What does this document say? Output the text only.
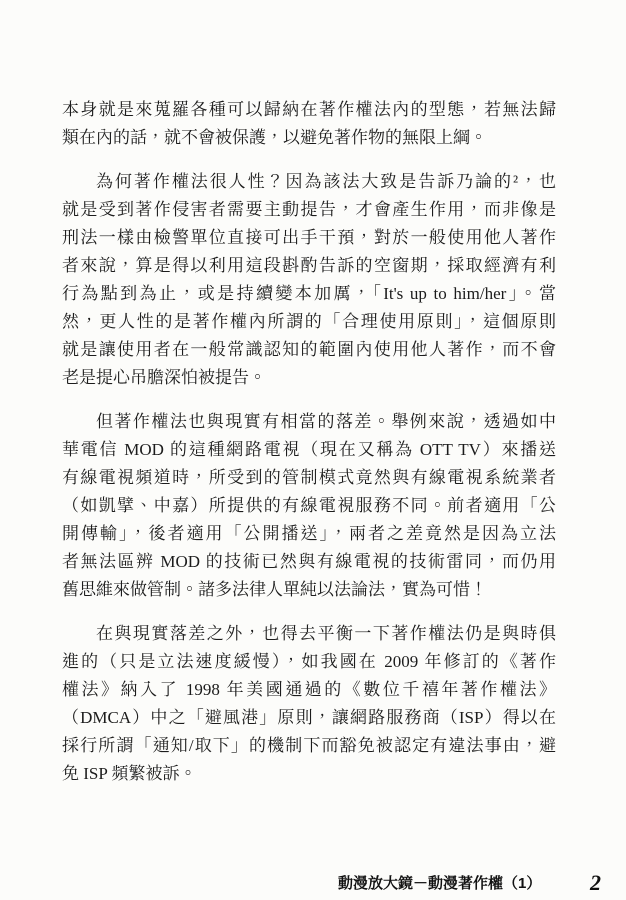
本身就是來蒐羅各種可以歸納在著作權法內的型態，若無法歸
類在內的話，就不會被保護，以避免著作物的無限上綱。
為何著作權法很人性？因為該法大致是告訴乃論的²，也
就是受到著作侵害者需要主動提告，才會產生作用，而非像是
刑法一樣由檢警單位直接可出手干預，對於一般使用他人著作
者來說，算是得以利用這段斟酌告訴的空窗期，採取經濟有利
行為點到為止，或是持續變本加厲，「It's up to him/her」。當
然，更人性的是著作權內所謂的「合理使用原則」，這個原則
就是讓使用者在一般常識認知的範圍內使用他人著作，而不會
老是提心吊膽深怕被提告。
但著作權法也與現實有相當的落差。舉例來說，透過如中
華電信 MOD 的這種網路電視（現在又稱為 OTT TV）來播送
有線電視頻道時，所受到的管制模式竟然與有線電視系統業者
（如凱擘、中嘉）所提供的有線電視服務不同。前者適用「公
開傳輸」，後者適用「公開播送」，兩者之差竟然是因為立法
者無法區辨 MOD 的技術已然與有線電視的技術雷同，而仍用
舊思維來做管制。諸多法律人單純以法論法，實為可惜！
在與現實落差之外，也得去平衡一下著作權法仍是與時俱
進的（只是立法速度緩慢），如我國在 2009 年修訂的《著作
權法》納入了 1998 年美國通過的《數位千禧年著作權法》
（DMCA）中之「避風港」原則，讓網路服務商（ISP）得以在
採行所謂「通知/取下」的機制下而豁免被認定有違法事由，避
免 ISP 頻繁被訴。
動漫放大鏡－動漫著作權（1） 2
